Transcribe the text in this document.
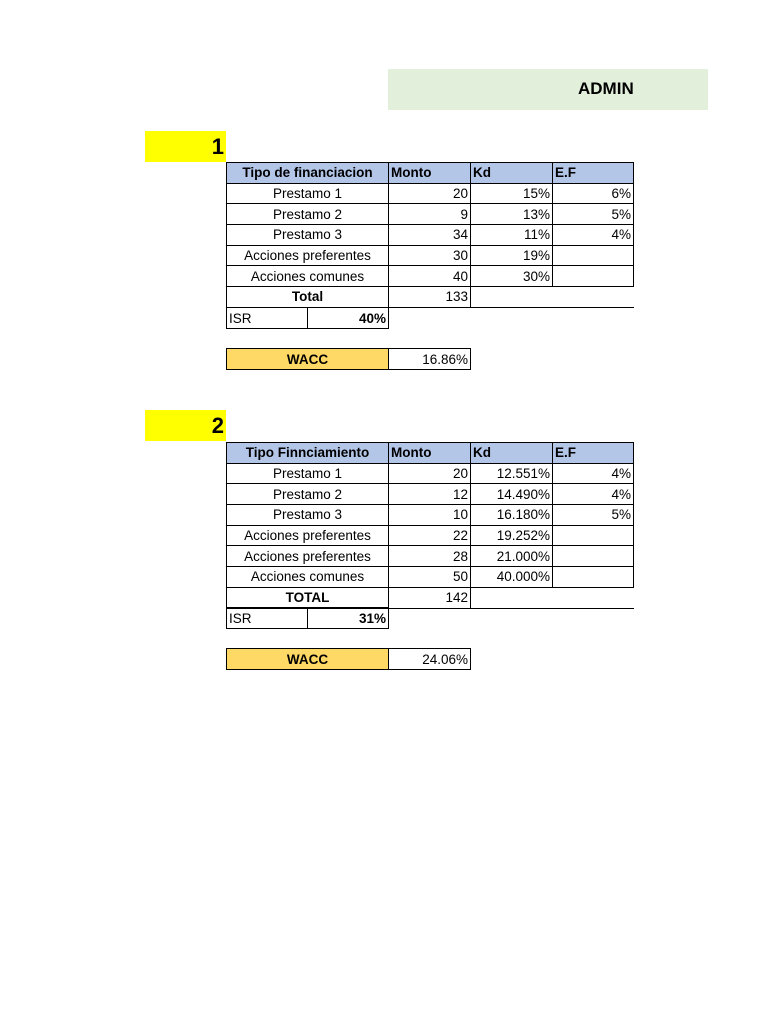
ADMIN
1
Tipo de financiacion	Monto	Kd	E.F
Prestamo 1	20	15%	6%
Prestamo 2	9	13%	5%
Prestamo 3	34	11%	4%
Acciones preferentes	30	19%	
Acciones comunes	40	30%	
Total	133		
ISR	40%
WACC	16.86%
2
Tipo Finnciamiento	Monto	Kd	E.F
Prestamo 1	20	12.551%	4%
Prestamo 2	12	14.490%	4%
Prestamo 3	10	16.180%	5%
Acciones preferentes	22	19.252%	
Acciones preferentes	28	21.000%	
Acciones comunes	50	40.000%	
TOTAL	142		
ISR	31%
WACC	24.06%
